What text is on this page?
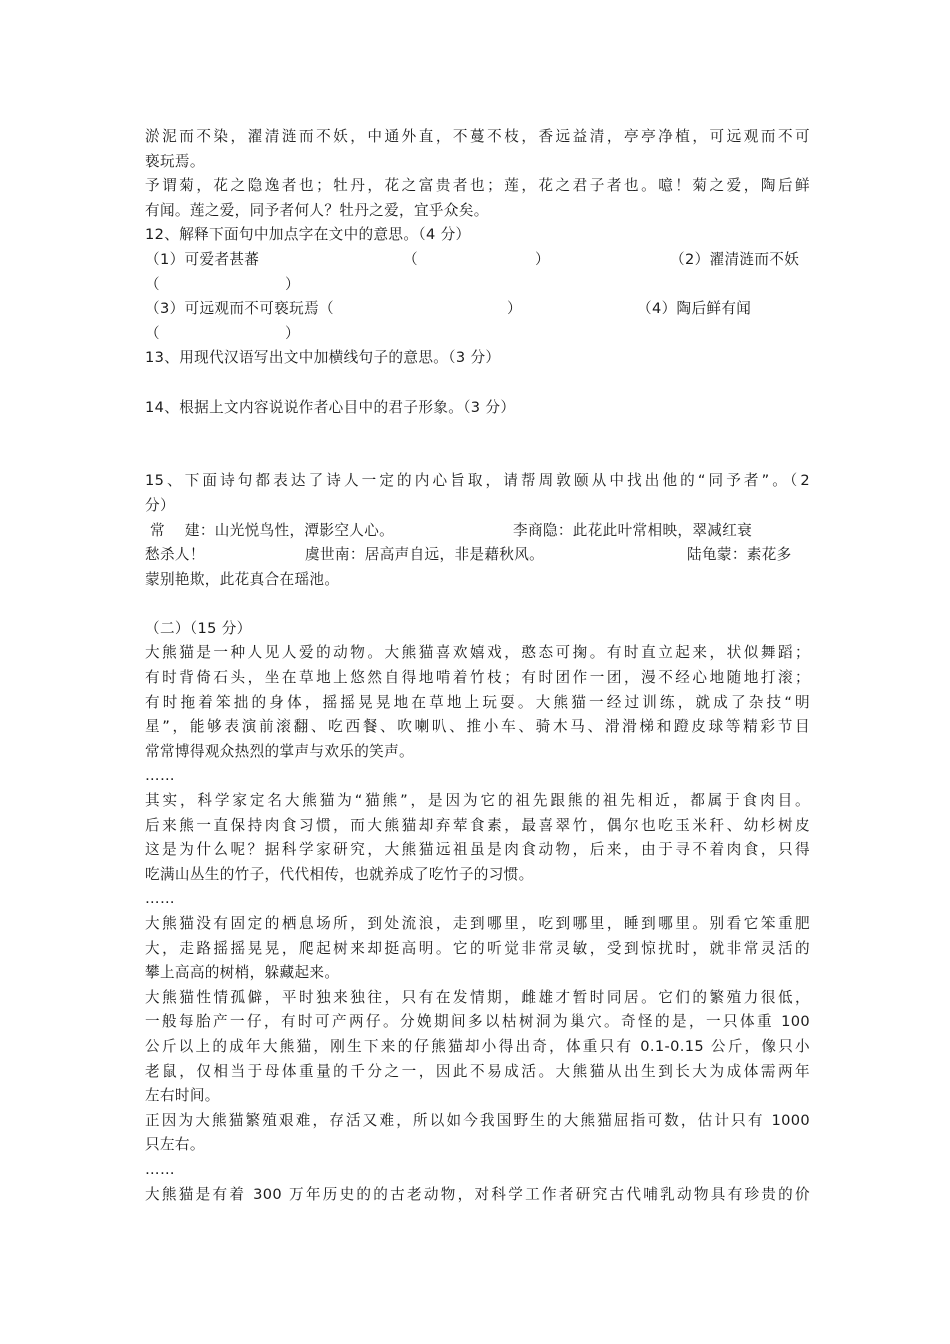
淤泥而不染，濯清涟而不妖，中通外直，不蔓不枝，香远益清，亭亭净植，可远观而不可
亵玩焉。
予谓菊，花之隐逸者也；牡丹，花之富贵者也；莲，花之君子者也。噫！菊之爱，陶后鲜
有闻。莲之爱，同予者何人？牡丹之爱，宜乎众矣。
12、解释下面句中加点字在文中的意思。（4 分）
（1）可爱者甚蕃	（	）	（2）濯清涟而不妖
（	）
（3）可远观而不可亵玩焉（	）	（4）陶后鲜有闻
（	）
13、用现代汉语写出文中加横线句子的意思。（3 分）
14、根据上文内容说说作者心目中的君子形象。（3 分）
15、下面诗句都表达了诗人一定的内心旨取，请帮周敦颐从中找出他的“同予者”。（2
分）
常　 建：山光悦鸟性，潭影空人心。	李商隐：此花此叶常相映，翠减红衰
愁杀人！	虞世南：居高声自远，非是藉秋风。	陆龟蒙：素花多
蒙别艳欺，此花真合在瑶池。
（二）（15 分）
大熊猫是一种人见人爱的动物。大熊猫喜欢嬉戏，憨态可掬。有时直立起来，状似舞蹈；
有时背倚石头，坐在草地上悠然自得地啃着竹枝；有时团作一团，漫不经心地随地打滚；
有时拖着笨拙的身体，摇摇晃晃地在草地上玩耍。大熊猫一经过训练，就成了杂技“明
星”，能够表演前滚翻、吃西餐、吹喇叭、推小车、骑木马、滑滑梯和蹬皮球等精彩节目
常常博得观众热烈的掌声与欢乐的笑声。
……
其实，科学家定名大熊猫为“猫熊”，是因为它的祖先跟熊的祖先相近，都属于食肉目。
后来熊一直保持肉食习惯，而大熊猫却弃荤食素，最喜翠竹，偶尔也吃玉米秆、幼杉树皮
这是为什么呢？据科学家研究，大熊猫远祖虽是肉食动物，后来，由于寻不着肉食，只得
吃满山丛生的竹子，代代相传，也就养成了吃竹子的习惯。
……
大熊猫没有固定的栖息场所，到处流浪，走到哪里，吃到哪里，睡到哪里。别看它笨重肥
大，走路摇摇晃晃，爬起树来却挺高明。它的听觉非常灵敏，受到惊扰时，就非常灵活的
攀上高高的树梢，躲藏起来。
大熊猫性情孤僻，平时独来独往，只有在发情期，雌雄才暂时同居。它们的繁殖力很低，
一般每胎产一仔，有时可产两仔。分娩期间多以枯树洞为巢穴。奇怪的是，一只体重 100
公斤以上的成年大熊猫，刚生下来的仔熊猫却小得出奇，体重只有 0.1-0.15 公斤，像只小
老鼠，仅相当于母体重量的千分之一，因此不易成活。大熊猫从出生到长大为成体需两年
左右时间。
正因为大熊猫繁殖艰难，存活又难，所以如今我国野生的大熊猫屈指可数，估计只有 1000
只左右。
……
大熊猫是有着 300 万年历史的的古老动物，对科学工作者研究古代哺乳动物具有珍贵的价
